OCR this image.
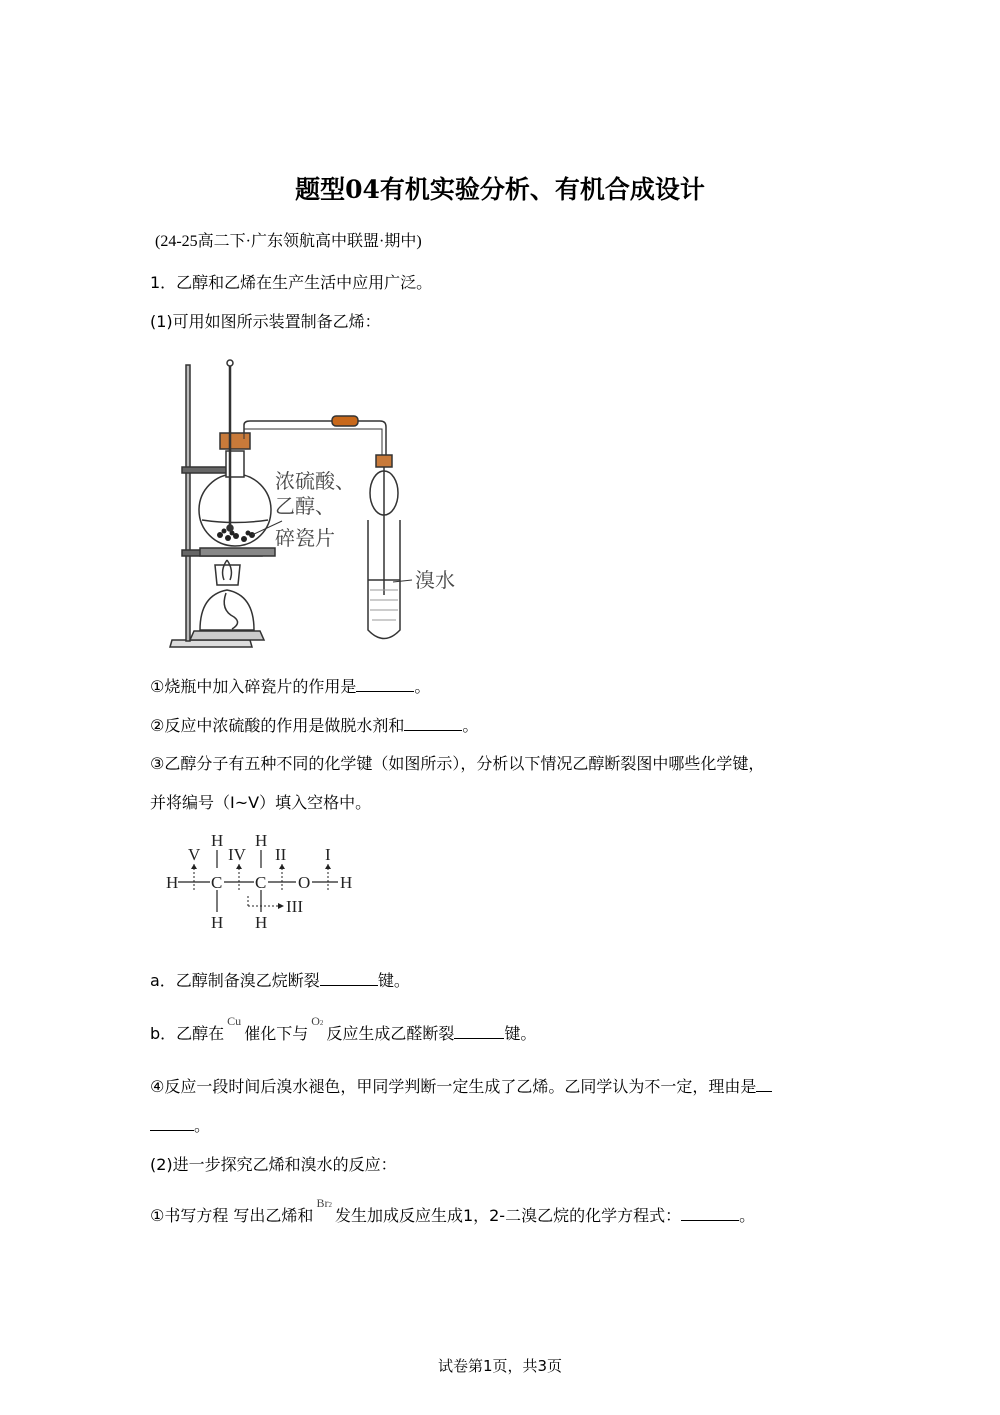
题型04有机实验分析、有机合成设计
(24-25高二下·广东领航高中联盟·期中)
1．乙醇和乙烯在生产生活中应用广泛。
(1)可用如图所示装置制备乙烯：
浓硫酸、
乙醇、
碎瓷片
溴水
①烧瓶中加入碎瓷片的作用是	。
②反应中浓硫酸的作用是做脱水剂和	。
③乙醇分子有五种不同的化学键（如图所示），分析以下情况乙醇断裂图中哪些化学键，
并将编号（Ⅰ~V）填入空格中。
H C C O H
H H
H H
V IV II I
III
a．乙醇制备溴乙烷断裂	键。
b．乙醇在Cu催化下与O2反应生成乙醛断裂	键。
④反应一段时间后溴水褪色，甲同学判断一定生成了乙烯。乙同学认为不一定，理由是
。
(2)进一步探究乙烯和溴水的反应：
①书写方程 写出乙烯和Br2发生加成反应生成1，2-二溴乙烷的化学方程式：	。
试卷第1页，共3页
